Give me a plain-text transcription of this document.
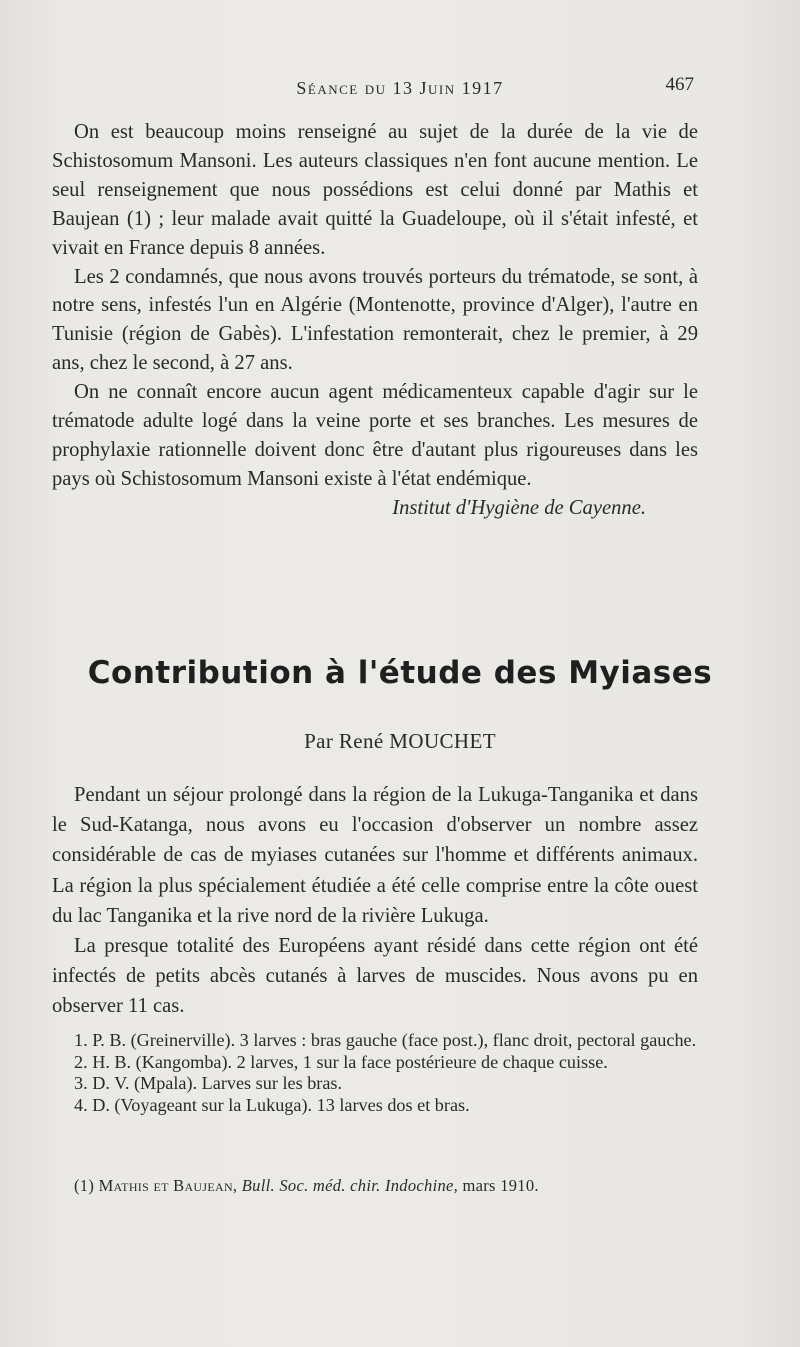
Séance du 13 Juin 1917	467

On est beaucoup moins renseigné au sujet de la durée de la vie de Schistosomum Mansoni. Les auteurs classiques n'en font aucune mention. Le seul renseignement que nous possédions est celui donné par Mathis et Baujean (1) ; leur malade avait quitté la Guadeloupe, où il s'était infesté, et vivait en France depuis 8 années.

Les 2 condamnés, que nous avons trouvés porteurs du trématode, se sont, à notre sens, infestés l'un en Algérie (Montenotte, province d'Alger), l'autre en Tunisie (région de Gabès). L'infestation remonterait, chez le premier, à 29 ans, chez le second, à 27 ans.

On ne connaît encore aucun agent médicamenteux capable d'agir sur le trématode adulte logé dans la veine porte et ses branches. Les mesures de prophylaxie rationnelle doivent donc être d'autant plus rigoureuses dans les pays où Schistosomum Mansoni existe à l'état endémique.

Institut d'Hygiène de Cayenne.

Contribution à l'étude des Myiases
Par René MOUCHET

Pendant un séjour prolongé dans la région de la Lukuga-Tanganika et dans le Sud-Katanga, nous avons eu l'occasion d'observer un nombre assez considérable de cas de myiases cutanées sur l'homme et différents animaux. La région la plus spécialement étudiée a été celle comprise entre la côte ouest du lac Tanganika et la rive nord de la rivière Lukuga.

La presque totalité des Européens ayant résidé dans cette région ont été infectés de petits abcès cutanés à larves de muscides. Nous avons pu en observer 11 cas.

1. P. B. (Greinerville). 3 larves : bras gauche (face post.), flanc droit, pectoral gauche.

2. H. B. (Kangomba). 2 larves, 1 sur la face postérieure de chaque cuisse.

3. D. V. (Mpala). Larves sur les bras.

4. D. (Voyageant sur la Lukuga). 13 larves dos et bras.

(1) Mathis et Baujean, Bull. Soc. méd. chir. Indochine, mars 1910.
